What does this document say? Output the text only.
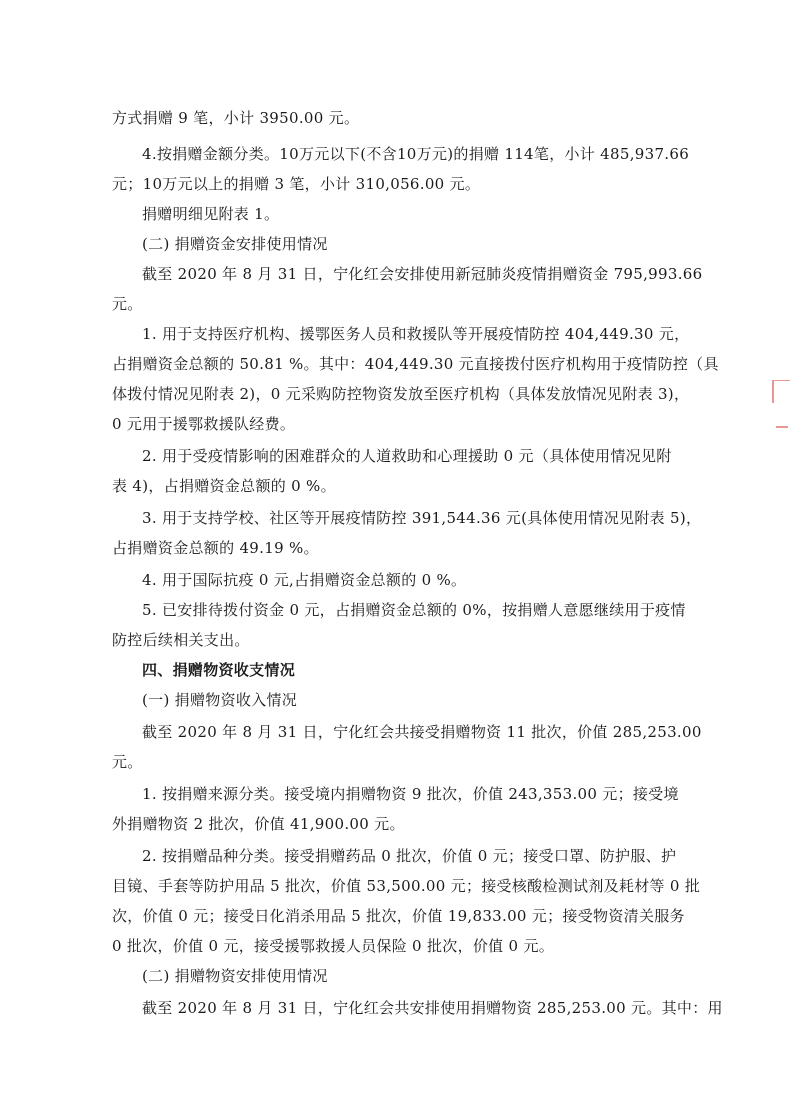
方式捐赠 9 笔，小计 3950.00 元。
4.按捐赠金额分类。10万元以下(不含10万元)的捐赠 114笔，小计 485,937.66
元；10万元以上的捐赠 3 笔，小计 310,056.00 元。
捐赠明细见附表 1。
(二) 捐赠资金安排使用情况
截至 2020 年 8 月 31 日，宁化红会安排使用新冠肺炎疫情捐赠资金 795,993.66
元。
1. 用于支持医疗机构、援鄂医务人员和救援队等开展疫情防控 404,449.30 元，
占捐赠资金总额的 50.81 %。其中：404,449.30 元直接拨付医疗机构用于疫情防控（具
体拨付情况见附表 2)，0 元采购防控物资发放至医疗机构（具体发放情况见附表 3)，
0 元用于援鄂救援队经费。
2. 用于受疫情影响的困难群众的人道救助和心理援助 0 元（具体使用情况见附
表 4)，占捐赠资金总额的 0 %。
3. 用于支持学校、社区等开展疫情防控 391,544.36 元(具体使用情况见附表 5)，
占捐赠资金总额的 49.19 %。
4. 用于国际抗疫 0 元,占捐赠资金总额的 0 %。
5. 已安排待拨付资金 0 元，占捐赠资金总额的 0%，按捐赠人意愿继续用于疫情
防控后续相关支出。
四、捐赠物资收支情况
(一) 捐赠物资收入情况
截至 2020 年 8 月 31 日，宁化红会共接受捐赠物资 11 批次，价值 285,253.00
元。
1. 按捐赠来源分类。接受境内捐赠物资 9 批次，价值 243,353.00 元；接受境
外捐赠物资 2 批次，价值 41,900.00 元。
2. 按捐赠品种分类。接受捐赠药品 0 批次，价值 0 元；接受口罩、防护服、护
目镜、手套等防护用品 5 批次，价值 53,500.00 元；接受核酸检测试剂及耗材等 0 批
次，价值 0 元；接受日化消杀用品 5 批次，价值 19,833.00 元；接受物资清关服务
0 批次，价值 0 元，接受援鄂救援人员保险 0 批次，价值 0 元。
(二) 捐赠物资安排使用情况
截至 2020 年 8 月 31 日，宁化红会共安排使用捐赠物资 285,253.00 元。其中：用
